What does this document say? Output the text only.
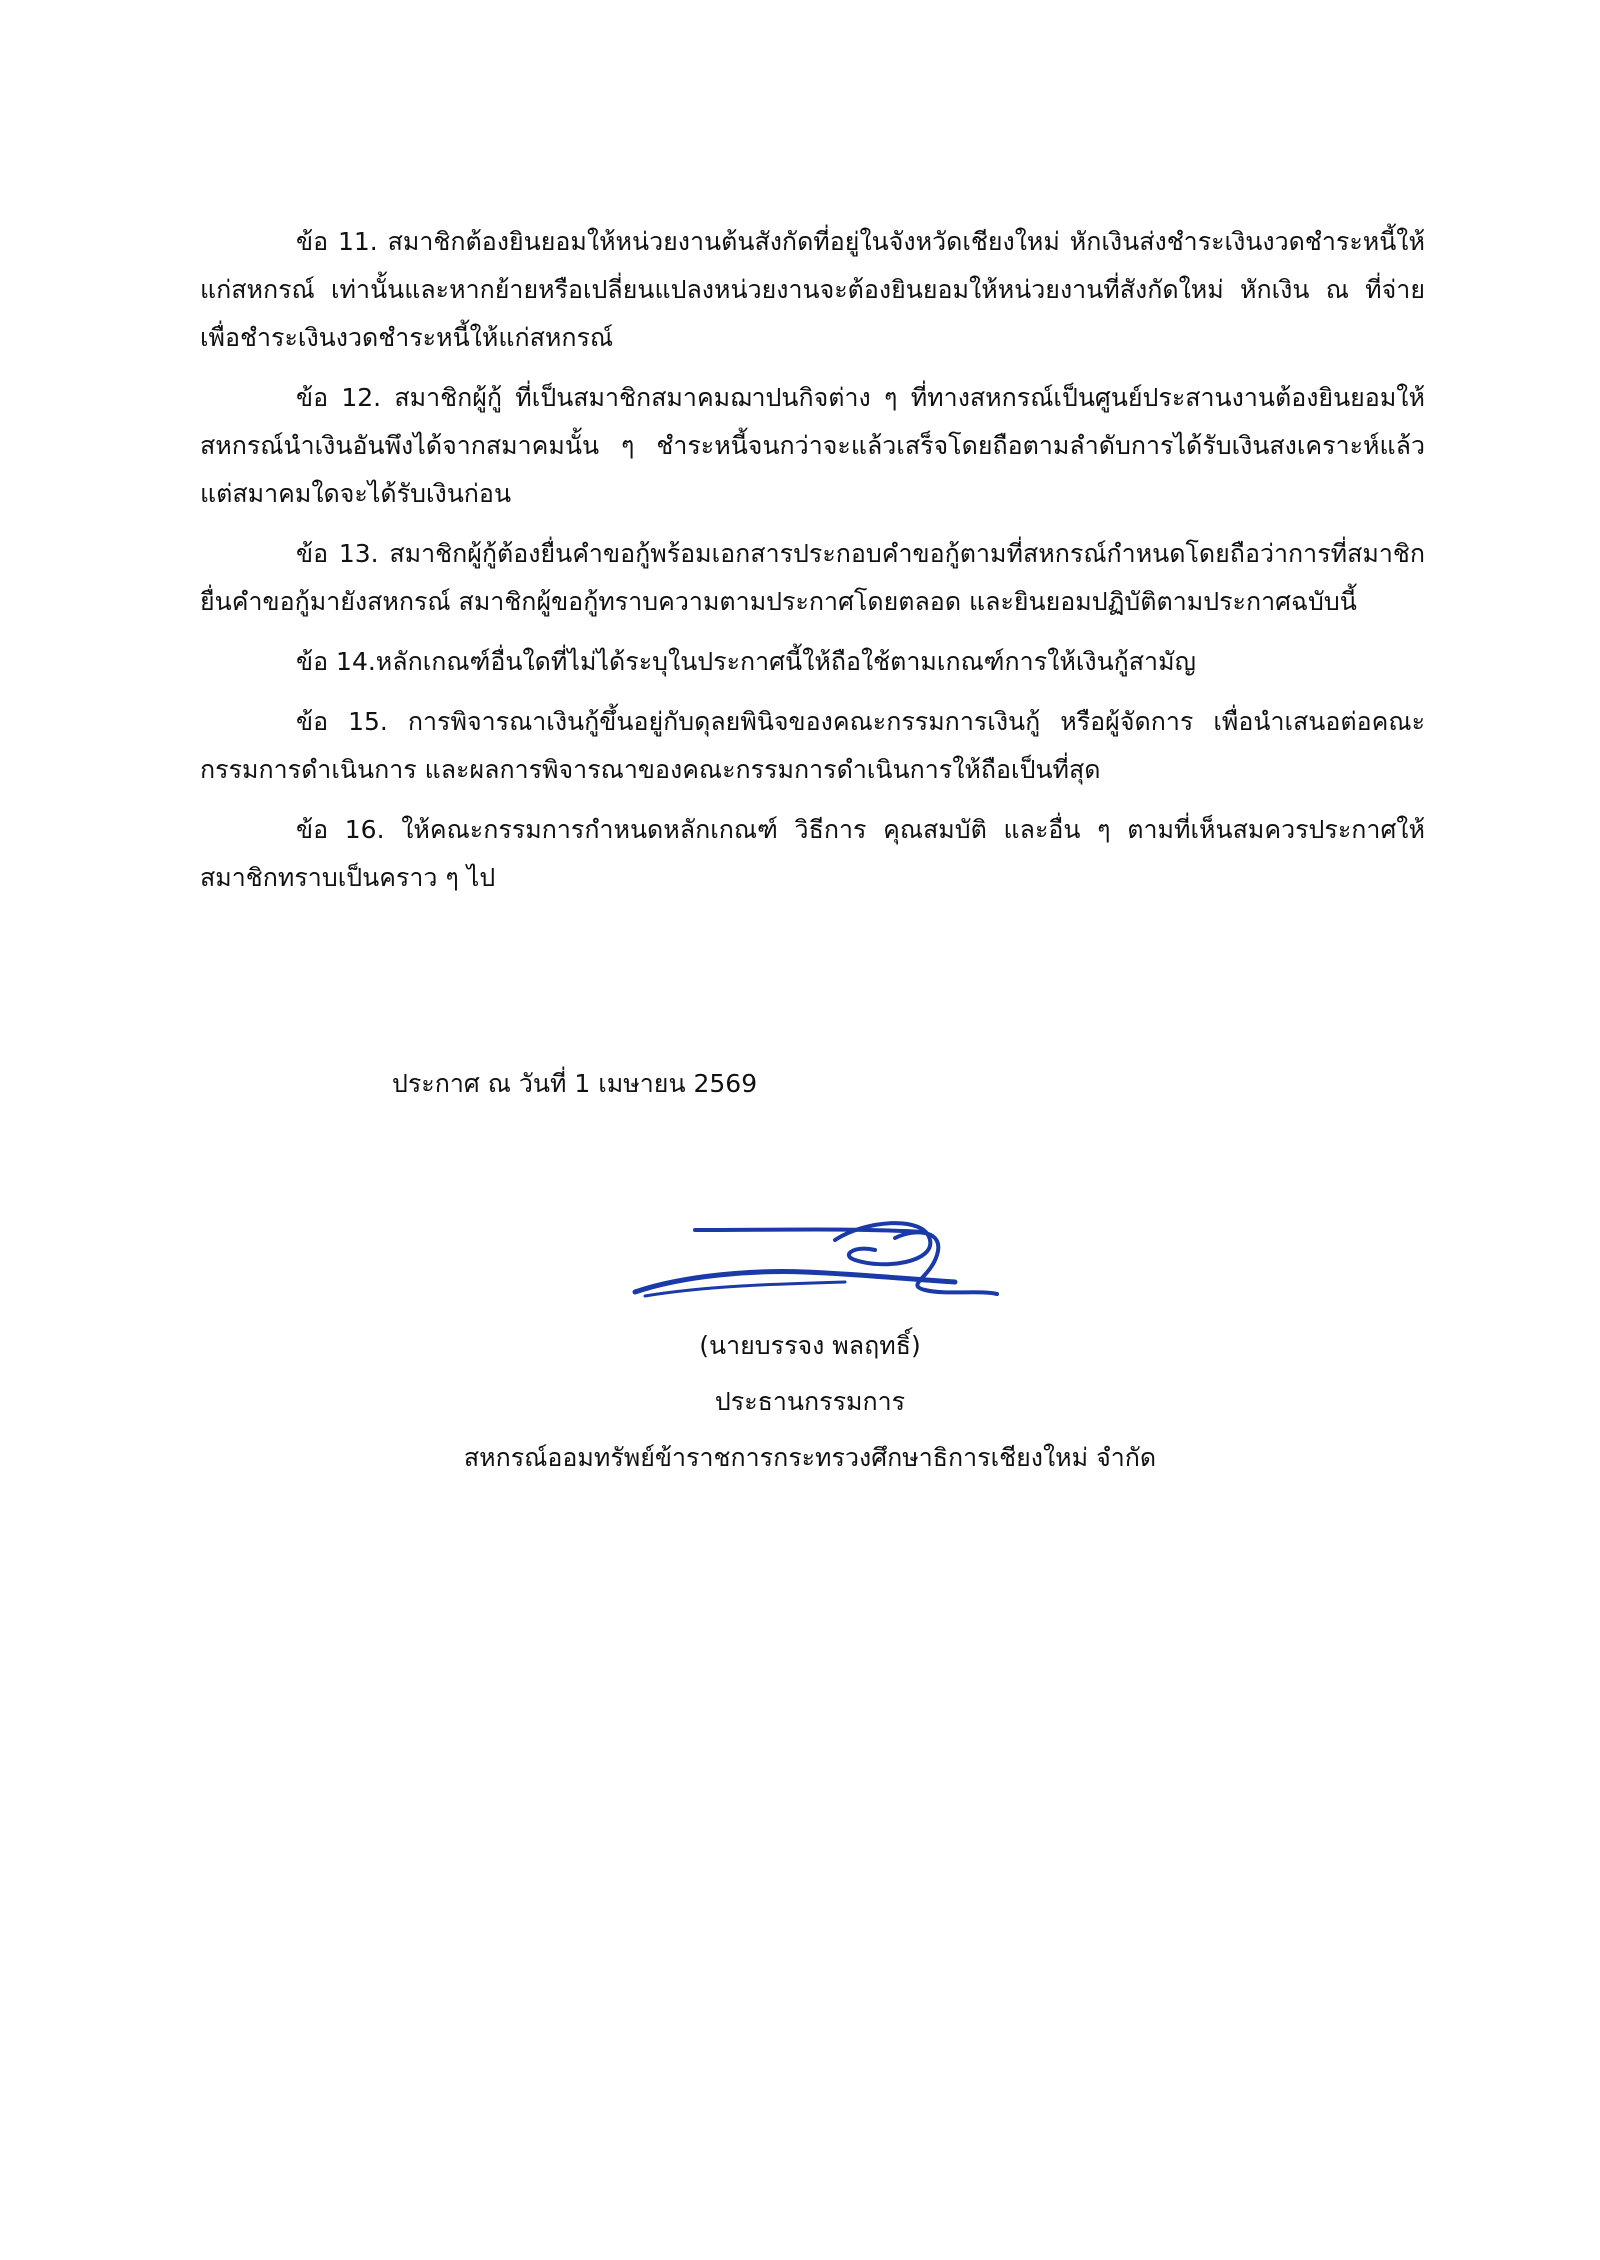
ข้อ 11. สมาชิกต้องยินยอมให้หน่วยงานต้นสังกัดที่อยู่ในจังหวัดเชียงใหม่ หักเงินส่งชำระเงินงวดชำระหนี้ให้แก่สหกรณ์ เท่านั้นและหากย้ายหรือเปลี่ยนแปลงหน่วยงานจะต้องยินยอมให้หน่วยงานที่สังกัดใหม่ หักเงิน ณ ที่จ่าย เพื่อชำระเงินงวดชำระหนี้ให้แก่สหกรณ์

ข้อ 12. สมาชิกผู้กู้ ที่เป็นสมาชิกสมาคมฌาปนกิจต่าง ๆ ที่ทางสหกรณ์เป็นศูนย์ประสานงานต้องยินยอมให้สหกรณ์นำเงินอันพึงได้จากสมาคมนั้น ๆ ชำระหนี้จนกว่าจะแล้วเสร็จโดยถือตามลำดับการได้รับเงินสงเคราะห์แล้วแต่สมาคมใดจะได้รับเงินก่อน

ข้อ 13. สมาชิกผู้กู้ต้องยื่นคำขอกู้พร้อมเอกสารประกอบคำขอกู้ตามที่สหกรณ์กำหนดโดยถือว่าการที่สมาชิกยื่นคำขอกู้มายังสหกรณ์ สมาชิกผู้ขอกู้ทราบความตามประกาศโดยตลอด และยินยอมปฏิบัติตามประกาศฉบับนี้

ข้อ 14.หลักเกณฑ์อื่นใดที่ไม่ได้ระบุในประกาศนี้ให้ถือใช้ตามเกณฑ์การให้เงินกู้สามัญ

ข้อ 15. การพิจารณาเงินกู้ขึ้นอยู่กับดุลยพินิจของคณะกรรมการเงินกู้ หรือผู้จัดการ เพื่อนำเสนอต่อคณะกรรมการดำเนินการ และผลการพิจารณาของคณะกรรมการดำเนินการให้ถือเป็นที่สุด

ข้อ 16. ให้คณะกรรมการกำหนดหลักเกณฑ์ วิธีการ คุณสมบัติ และอื่น ๆ ตามที่เห็นสมควรประกาศให้สมาชิกทราบเป็นคราว ๆ ไป

ประกาศ ณ วันที่ 1 เมษายน 2569
(นายบรรจง พลฤทธิ์)
ประธานกรรมการ
สหกรณ์ออมทรัพย์ข้าราชการกระทรวงศึกษาธิการเชียงใหม่ จำกัด
